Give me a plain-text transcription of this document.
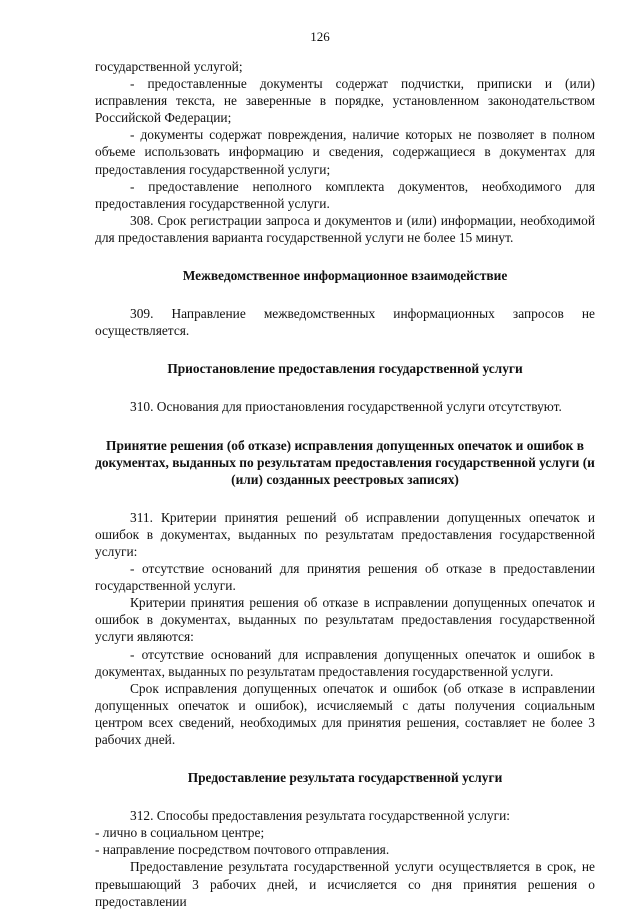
126

государственной услугой;

- предоставленные документы содержат подчистки, приписки и (или) исправления текста, не заверенные в порядке, установленном законодательством Российской Федерации;

- документы содержат повреждения, наличие которых не позволяет в полном объеме использовать информацию и сведения, содержащиеся в документах для предоставления государственной услуги;

- предоставление неполного комплекта документов, необходимого для предоставления государственной услуги.

308. Срок регистрации запроса и документов и (или) информации, необходимой для предоставления варианта государственной услуги не более 15 минут.

Межведомственное информационное взаимодействие

309. Направление межведомственных информационных запросов не осуществляется.

Приостановление предоставления государственной услуги

310. Основания для приостановления государственной услуги отсутствуют.

Принятие решения (об отказе) исправления допущенных опечаток и ошибок в документах, выданных по результатам предоставления государственной услуги (и (или) созданных реестровых записях)

311. Критерии принятия решений об исправлении допущенных опечаток и ошибок в документах, выданных по результатам предоставления государственной услуги:

- отсутствие оснований для принятия решения об отказе в предоставлении государственной услуги.

Критерии принятия решения об отказе в исправлении допущенных опечаток и ошибок в документах, выданных по результатам предоставления государственной услуги являются:

- отсутствие оснований для исправления допущенных опечаток и ошибок в документах, выданных по результатам предоставления государственной услуги.

Срок исправления допущенных опечаток и ошибок (об отказе в исправлении допущенных опечаток и ошибок), исчисляемый с даты получения социальным центром всех сведений, необходимых для принятия решения, составляет не более 3 рабочих дней.

Предоставление результата государственной услуги

312. Способы предоставления результата государственной услуги:

- лично в социальном центре;

- направление посредством почтового отправления.

Предоставление результата государственной услуги осуществляется в срок, не превышающий 3 рабочих дней, и исчисляется со дня принятия решения о предоставлении
